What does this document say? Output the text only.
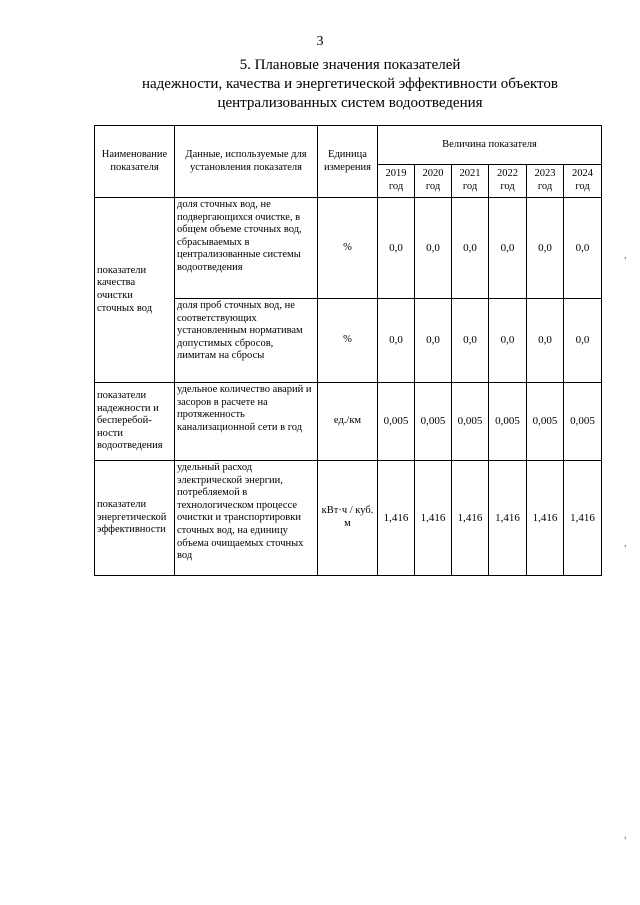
3
5. Плановые значения показателей
надежности, качества и энергетической эффективности объектов
централизованных систем водоотведения
Наименование показателя	Данные, используемые для установления показателя	Единица измерения	Величина показателя					
			2019 год	2020 год	2021 год	2022 год	2023 год	2024 год
показатели качества очистки сточных вод	доля сточных вод, не подвергающихся очистке, в общем объеме сточных вод, сбрасываемых в централизованные системы водоотведения	%	0,0	0,0	0,0	0,0	0,0	0,0
	доля проб сточных вод, не соответствующих установленным нормативам допустимых сбросов, лимитам на сбросы	%	0,0	0,0	0,0	0,0	0,0	0,0
показатели надежности и бесперебой-ности водоотведения	удельное количество аварий и засоров в расчете на протяженность канализационной сети в год	ед./км	0,005	0,005	0,005	0,005	0,005	0,005
показатели энергетической эффективности	удельный расход электрической энергии, потребляемой в технологическом процессе очистки и транспортировки сточных вод, на единицу объема очищаемых сточных вод	кВт·ч / куб. м	1,416	1,416	1,416	1,416	1,416	1,416
,
,
,
